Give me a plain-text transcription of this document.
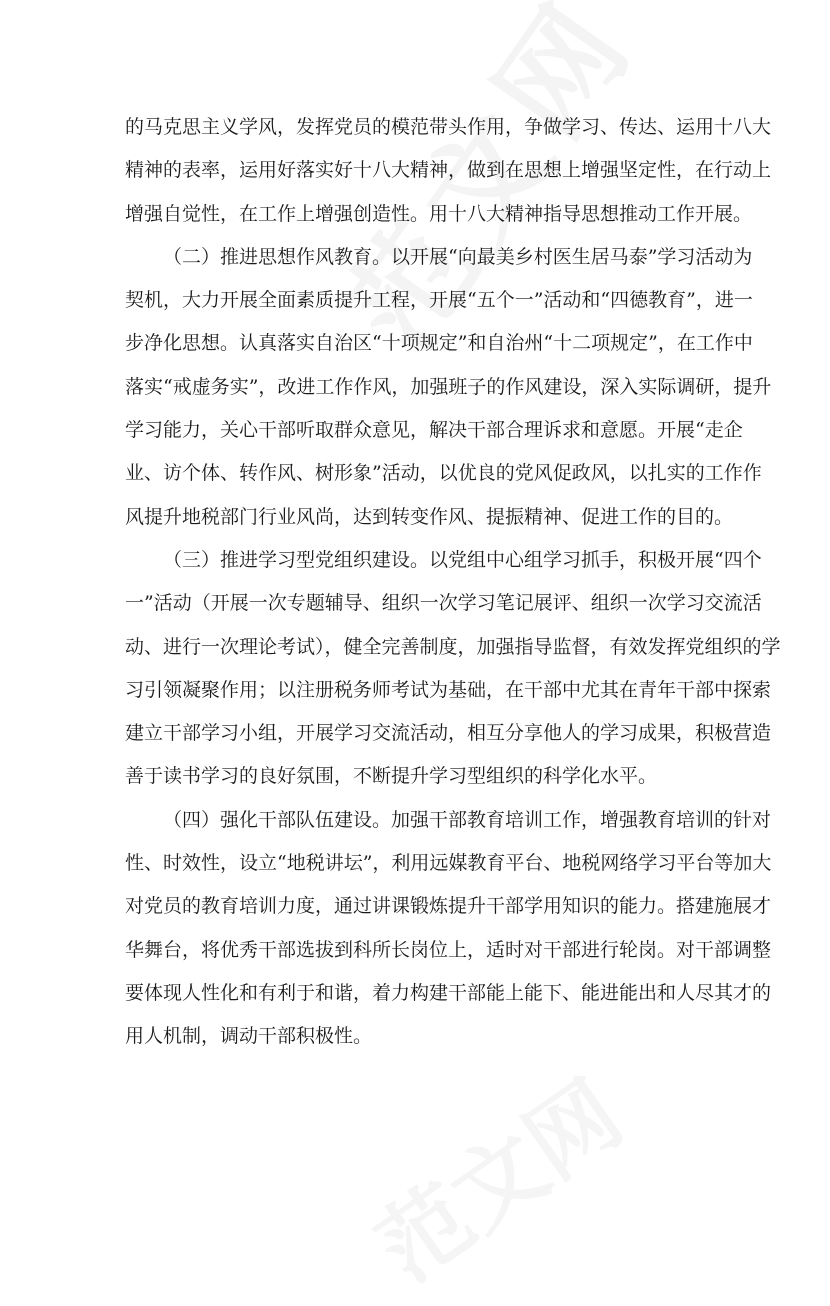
的马克思主义学风，发挥党员的模范带头作用，争做学习、传达、运用十八大
精神的表率，运用好落实好十八大精神，做到在思想上增强坚定性，在行动上
增强自觉性，在工作上增强创造性。用十八大精神指导思想推动工作开展。
（二）推进思想作风教育。以开展“向最美乡村医生居马泰”学习活动为
契机，大力开展全面素质提升工程，开展“五个一”活动和“四德教育”，进一
步净化思想。认真落实自治区“十项规定”和自治州“十二项规定”，在工作中
落实“戒虚务实”，改进工作作风，加强班子的作风建设，深入实际调研，提升
学习能力，关心干部听取群众意见，解决干部合理诉求和意愿。开展“走企
业、访个体、转作风、树形象”活动，以优良的党风促政风，以扎实的工作作
风提升地税部门行业风尚，达到转变作风、提振精神、促进工作的目的。
（三）推进学习型党组织建设。以党组中心组学习抓手，积极开展“四个
一”活动（开展一次专题辅导、组织一次学习笔记展评、组织一次学习交流活
动、进行一次理论考试），健全完善制度，加强指导监督，有效发挥党组织的学
习引领凝聚作用；以注册税务师考试为基础，在干部中尤其在青年干部中探索
建立干部学习小组，开展学习交流活动，相互分享他人的学习成果，积极营造
善于读书学习的良好氛围，不断提升学习型组织的科学化水平。
（四）强化干部队伍建设。加强干部教育培训工作，增强教育培训的针对
性、时效性，设立“地税讲坛”，利用远媒教育平台、地税网络学习平台等加大
对党员的教育培训力度，通过讲课锻炼提升干部学用知识的能力。搭建施展才
华舞台，将优秀干部选拔到科所长岗位上，适时对干部进行轮岗。对干部调整
要体现人性化和有利于和谐，着力构建干部能上能下、能进能出和人尽其才的
用人机制，调动干部积极性。
